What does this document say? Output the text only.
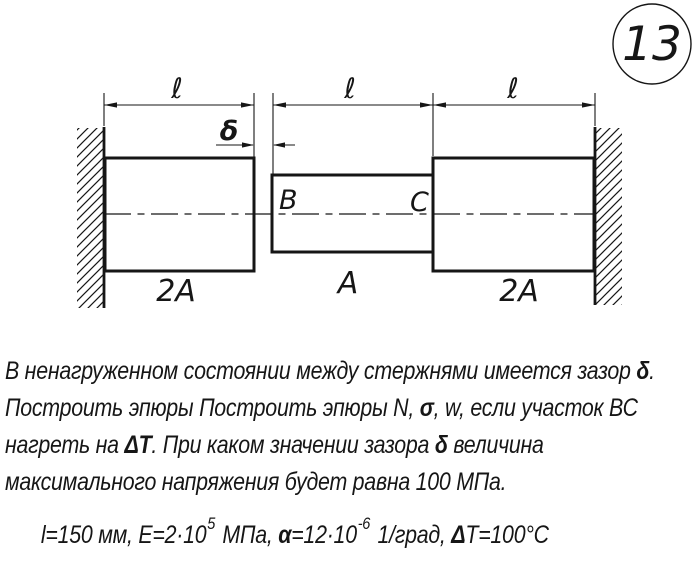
13
ℓ	ℓ	ℓ
δ
B	C
2A	A	2A
В ненагруженном состоянии между стержнями имеется зазор δ.
Построить эпюры Построить эпюры N, σ, w, если участок ВС
нагреть на ΔT. При каком значении зазора δ величина
максимального напряжения будет равна 100 МПа.
l=150 мм, E=2·105 МПа, α=12·10-6 1/град, ΔT=100°C
